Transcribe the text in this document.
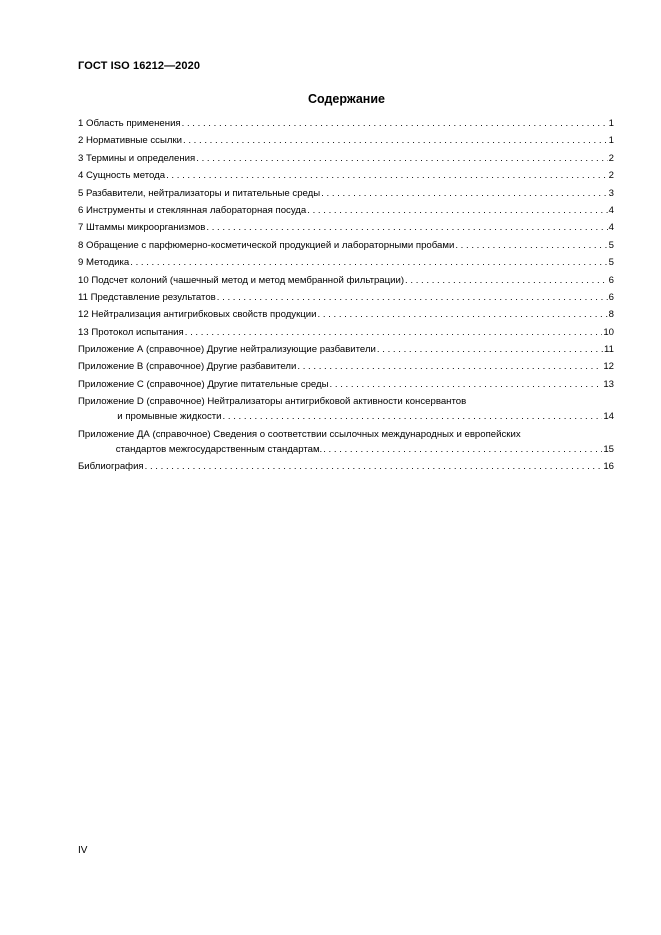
ГОСТ ISO 16212—2020
Содержание
1 Область применения . . .	1
2 Нормативные ссылки . . .	1
3 Термины и определения . . .	2
4 Сущность метода . . .	2
5 Разбавители, нейтрализаторы и питательные среды . . .	3
6 Инструменты и стеклянная лабораторная посуда . . .	4
7 Штаммы микроорганизмов . . .	4
8 Обращение с парфюмерно-косметической продукцией и лабораторными пробами . . .	5
9 Методика . . .	5
10 Подсчет колоний (чашечный метод и метод мембранной фильтрации) . . .	6
11 Представление результатов . . .	6
12 Нейтрализация антигрибковых свойств продукции . . .	8
13 Протокол испытания . . .	10
Приложение А (справочное) Другие нейтрализующие разбавители . . .	11
Приложение В (справочное) Другие разбавители . . .	12
Приложение С (справочное) Другие питательные среды . . .	13
Приложение D (справочное) Нейтрализаторы антигрибковой активности консервантов
и промывные жидкости . . .	14
Приложение ДА (справочное) Сведения о соответствии ссылочных международных и европейских
стандартов межгосударственным стандартам. . . .	15
Библиография . . .	16
IV
